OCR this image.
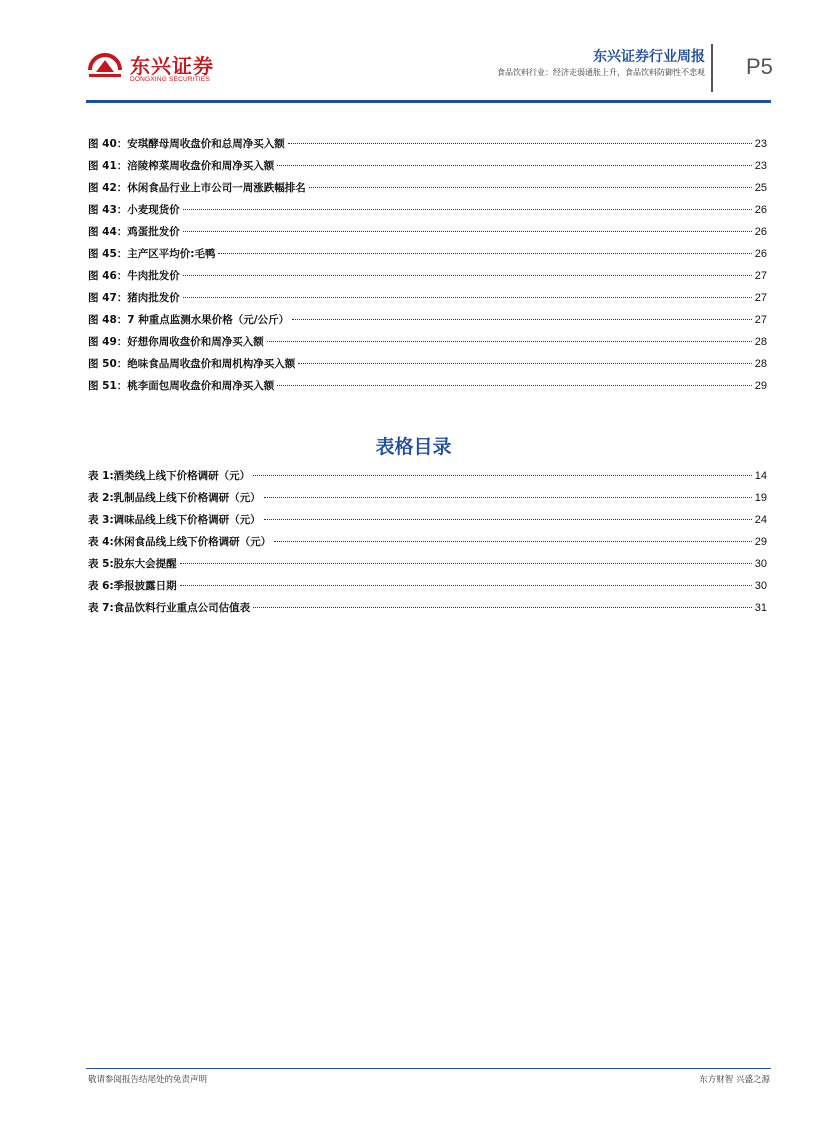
东兴证券
DONGXING SECURITIES
东兴证券行业周报
食品饮料行业：经济走弱通胀上升，食品饮料防御性不悲观 P5
图 40：安琪酵母周收盘价和总周净买入额	23
图 41：涪陵榨菜周收盘价和周净买入额	23
图 42：休闲食品行业上市公司一周涨跌幅排名	25
图 43：小麦现货价	26
图 44：鸡蛋批发价	26
图 45：主产区平均价:毛鸭	26
图 46：牛肉批发价	27
图 47：猪肉批发价	27
图 48：7 种重点监测水果价格（元/公斤）	27
图 49：好想你周收盘价和周净买入额	28
图 50：绝味食品周收盘价和周机构净买入额	28
图 51：桃李面包周收盘价和周净买入额	29
表格目录
表 1:酒类线上线下价格调研（元）	14
表 2:乳制品线上线下价格调研（元）	19
表 3:调味品线上线下价格调研（元）	24
表 4:休闲食品线上线下价格调研（元）	29
表 5:股东大会提醒	30
表 6:季报披露日期	30
表 7:食品饮料行业重点公司估值表	31
敬请参阅报告结尾处的免责声明	东方财智 兴盛之源
